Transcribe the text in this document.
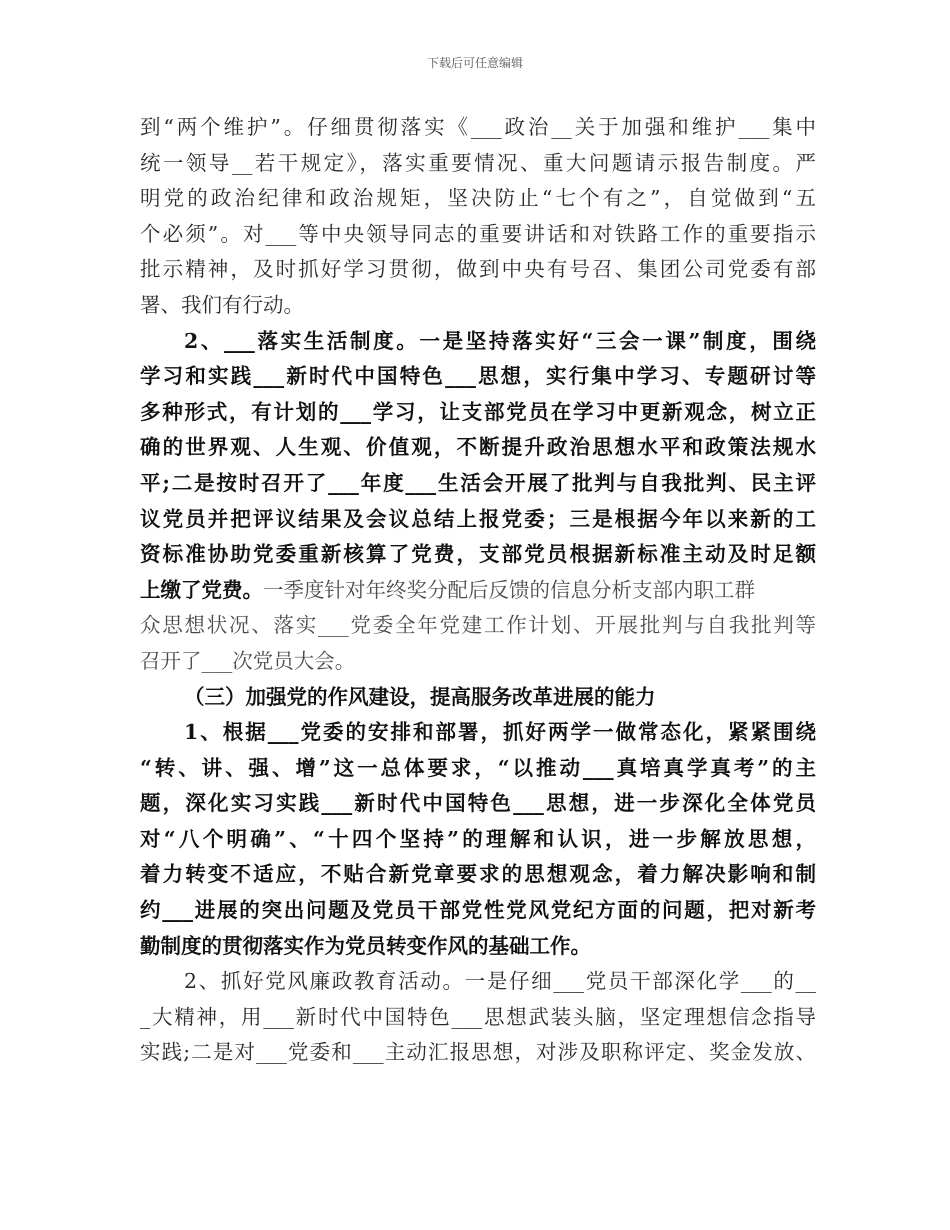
下载后可任意编辑
到“两个维护”。仔细贯彻落实《___政治__关于加强和维护___集中
统一领导__若干规定》，落实重要情况、重大问题请示报告制度。严
明党的政治纪律和政治规矩，坚决防止“七个有之”，自觉做到“五
个必须”。对___等中央领导同志的重要讲话和对铁路工作的重要指示
批示精神，及时抓好学习贯彻，做到中央有号召、集团公司党委有部
署、我们有行动。
2、___落实生活制度。一是坚持落实好“三会一课”制度，围绕
学习和实践___新时代中国特色___思想，实行集中学习、专题研讨等
多种形式，有计划的___学习，让支部党员在学习中更新观念，树立正
确的世界观、人生观、价值观，不断提升政治思想水平和政策法规水
平;二是按时召开了___年度___生活会开展了批判与自我批判、民主评
议党员并把评议结果及会议总结上报党委；三是根据今年以来新的工
资标准协助党委重新核算了党费，支部党员根据新标准主动及时足额
上缴了党费。一季度针对年终奖分配后反馈的信息分析支部内职工群
众思想状况、落实___党委全年党建工作计划、开展批判与自我批判等
召开了___次党员大会。
（三）加强党的作风建设，提高服务改革进展的能力
1、根据___党委的安排和部署，抓好两学一做常态化，紧紧围绕
“转、讲、强、增”这一总体要求，“以推动___真培真学真考”的主
题，深化实习实践___新时代中国特色___思想，进一步深化全体党员
对“八个明确”、“十四个坚持”的理解和认识，进一步解放思想，
着力转变不适应，不贴合新党章要求的思想观念，着力解决影响和制
约___进展的突出问题及党员干部党性党风党纪方面的问题，把对新考
勤制度的贯彻落实作为党员转变作风的基础工作。
2、抓好党风廉政教育活动。一是仔细___党员干部深化学___的__
_大精神，用___新时代中国特色___思想武装头脑，坚定理想信念指导
实践;二是对___党委和___主动汇报思想，对涉及职称评定、奖金发放、
